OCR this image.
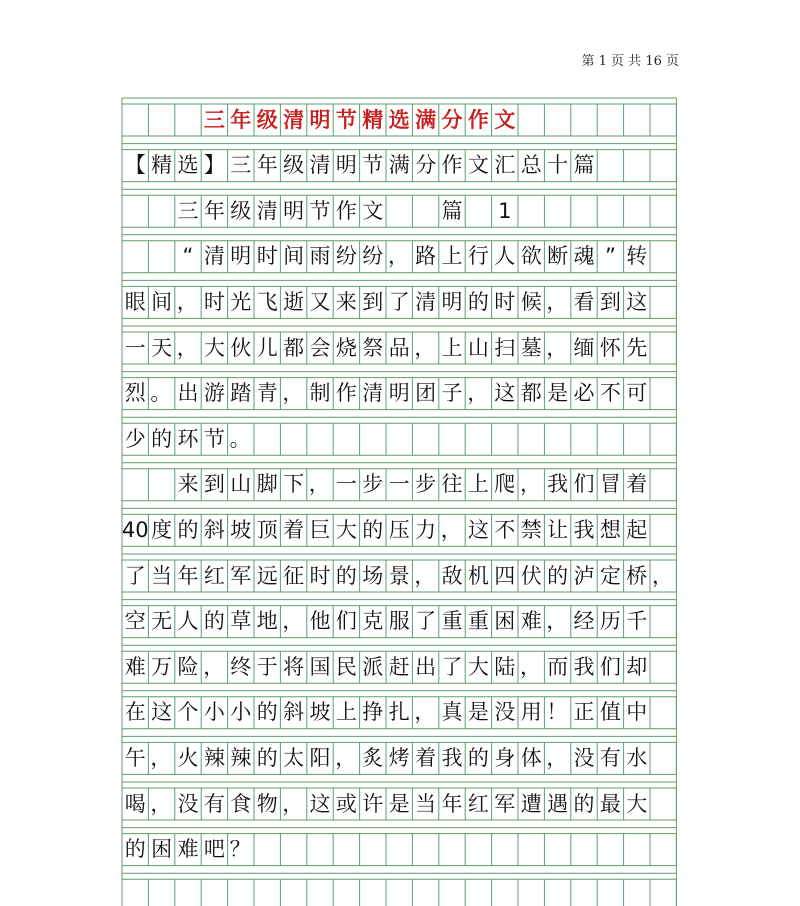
第 1 页 共 16 页
三 年 级 清 明 节 精 选 满 分 作 文
【 精 选 】 三 年 级 清 明 节 满 分 作 文 汇 总 十 篇
三 年 级 清 明 节 作 文	篇	1
“ 清 明 时 间 雨 纷 纷 ， 路 上 行 人 欲 断 魂 ” 转
眼 间 ， 时 光 飞 逝 又 来 到 了 清 明 的 时 候 ， 看 到 这
一 天 ， 大 伙 儿 都 会 烧 祭 品 ， 上 山 扫 墓 ， 缅 怀 先
烈 。 出 游 踏 青 ， 制 作 清 明 团 子 ， 这 都 是 必 不 可
少 的 环 节 。
来 到 山 脚 下 ， 一 步 一 步 往 上 爬 ， 我 们 冒 着
40 度 的 斜 坡 顶 着 巨 大 的 压 力 ， 这 不 禁 让 我 想 起
了 当 年 红 军 远 征 时 的 场 景 ， 敌 机 四 伏 的 泸 定 桥 ，
空 无 人 的 草 地 ， 他 们 克 服 了 重 重 困 难 ， 经 历 千
难 万 险 ， 终 于 将 国 民 派 赶 出 了 大 陆 ， 而 我 们 却
在 这 个 小 小 的 斜 坡 上 挣 扎 ， 真 是 没 用 ！ 正 值 中
午 ， 火 辣 辣 的 太 阳 ， 炙 烤 着 我 的 身 体 ， 没 有 水
喝 ， 没 有 食 物 ， 这 或 许 是 当 年 红 军 遭 遇 的 最 大
的 困 难 吧 ？
